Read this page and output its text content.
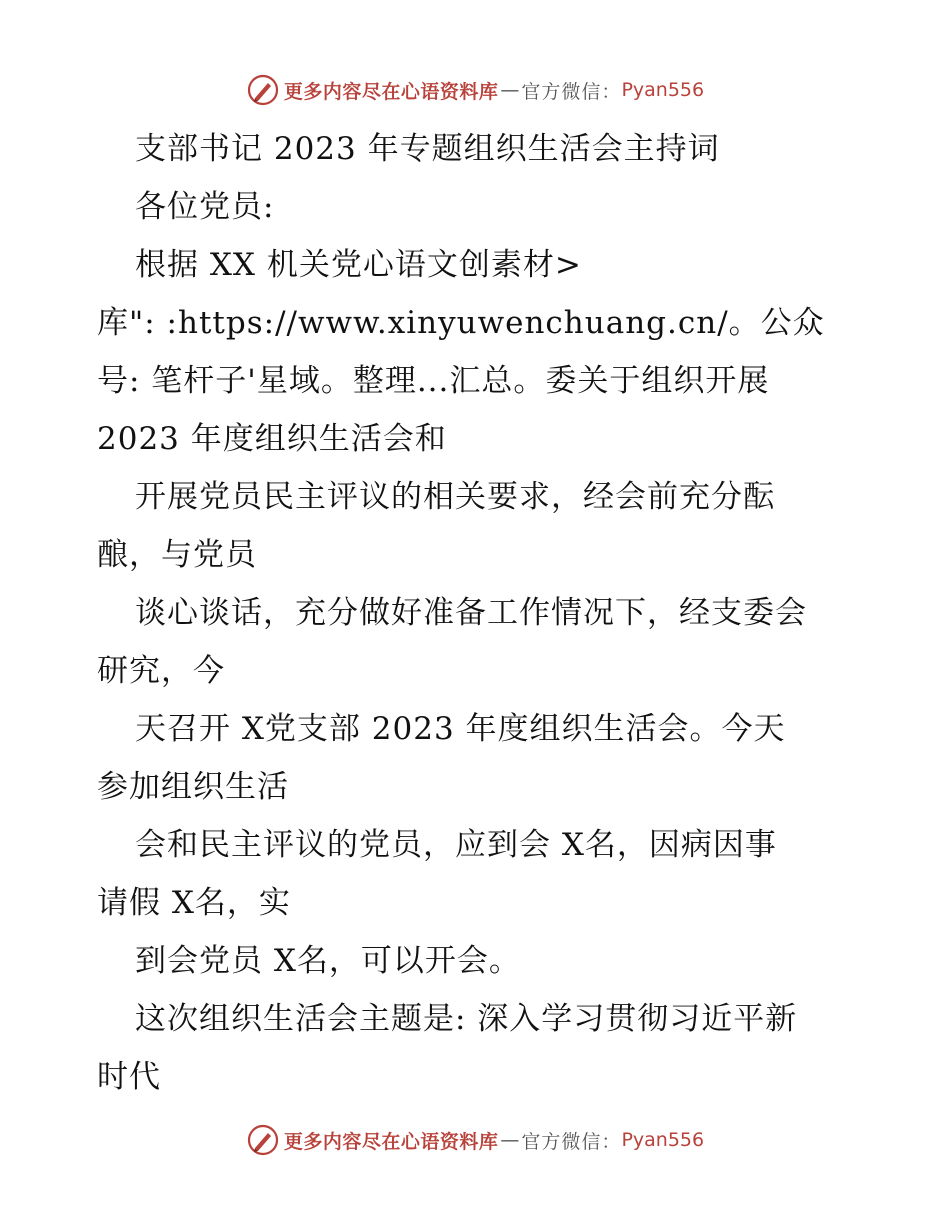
更多内容尽在心语资料库 — 官方微信： Pyan556
支部书记 2023 年专题组织生活会主持词
各位党员:
根据 XX 机关党心语文创素材>
库": :https://www.xinyuwenchuang.cn/。公众
号: 笔杆子'星域。整理...汇总。委关于组织开展
2023 年度组织生活会和
开展党员民主评议的相关要求，经会前充分酝
酿，与党员
谈心谈话，充分做好准备工作情况下，经支委会
研究，今
天召开 X党支部 2023 年度组织生活会。今天
参加组织生活
会和民主评议的党员，应到会 X名，因病因事
请假 X名，实
到会党员 X名，可以开会。
这次组织生活会主题是: 深入学习贯彻习近平新
时代
更多内容尽在心语资料库 — 官方微信： Pyan556
